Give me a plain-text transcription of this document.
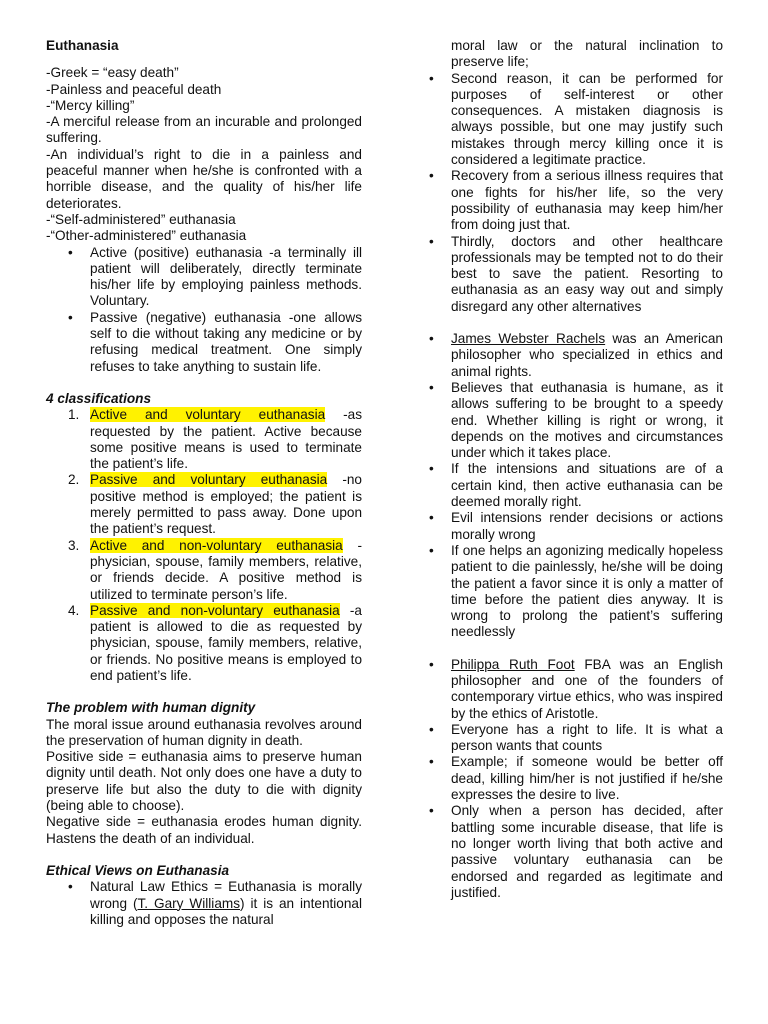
Euthanasia

-Greek = “easy death”

-Painless and peaceful death

-“Mercy killing”

-A merciful release from an incurable and prolonged suffering.

-An individual’s right to die in a painless and peaceful manner when he/she is confronted with a horrible disease, and the quality of his/her life deteriorates.

-“Self-administered” euthanasia

-“Other-administered” euthanasia

• Active (positive) euthanasia -a terminally ill patient will deliberately, directly terminate his/her life by employing painless methods. Voluntary.
• Passive (negative) euthanasia -one allows self to die without taking any medicine or by refusing medical treatment. One simply refuses to take anything to sustain life.

4 classifications

1. Active and voluntary euthanasia -as requested by the patient. Active because some positive means is used to terminate the patient’s life.
2. Passive and voluntary euthanasia -no positive method is employed; the patient is merely permitted to pass away. Done upon the patient’s request.
3. Active and non-voluntary euthanasia - physician, spouse, family members, relative, or friends decide. A positive method is utilized to terminate person’s life.
4. Passive and non-voluntary euthanasia -a patient is allowed to die as requested by physician, spouse, family members, relative, or friends. No positive means is employed to end patient’s life.

The problem with human dignity

The moral issue around euthanasia revolves around the preservation of human dignity in death.

Positive side = euthanasia aims to preserve human dignity until death. Not only does one have a duty to preserve life but also the duty to die with dignity (being able to choose).

Negative side = euthanasia erodes human dignity. Hastens the death of an individual.

Ethical Views on Euthanasia

• Natural Law Ethics = Euthanasia is morally wrong (T. Gary Williams) it is an intentional killing and opposes the natural

moral law or the natural inclination to preserve life;

• Second reason, it can be performed for purposes of self-interest or other consequences. A mistaken diagnosis is always possible, but one may justify such mistakes through mercy killing once it is considered a legitimate practice.
• Recovery from a serious illness requires that one fights for his/her life, so the very possibility of euthanasia may keep him/her from doing just that.
• Thirdly, doctors and other healthcare professionals may be tempted not to do their best to save the patient. Resorting to euthanasia as an easy way out and simply disregard any other alternatives
• James Webster Rachels was an American philosopher who specialized in ethics and animal rights.
• Believes that euthanasia is humane, as it allows suffering to be brought to a speedy end. Whether killing is right or wrong, it depends on the motives and circumstances under which it takes place.
• If the intensions and situations are of a certain kind, then active euthanasia can be deemed morally right.
• Evil intensions render decisions or actions morally wrong
• If one helps an agonizing medically hopeless patient to die painlessly, he/she will be doing the patient a favor since it is only a matter of time before the patient dies anyway. It is wrong to prolong the patient’s suffering needlessly
• Philippa Ruth Foot FBA was an English philosopher and one of the founders of contemporary virtue ethics, who was inspired by the ethics of Aristotle.
• Everyone has a right to life. It is what a person wants that counts
• Example; if someone would be better off dead, killing him/her is not justified if he/she expresses the desire to live.
• Only when a person has decided, after battling some incurable disease, that life is no longer worth living that both active and passive voluntary euthanasia can be endorsed and regarded as legitimate and justified.
